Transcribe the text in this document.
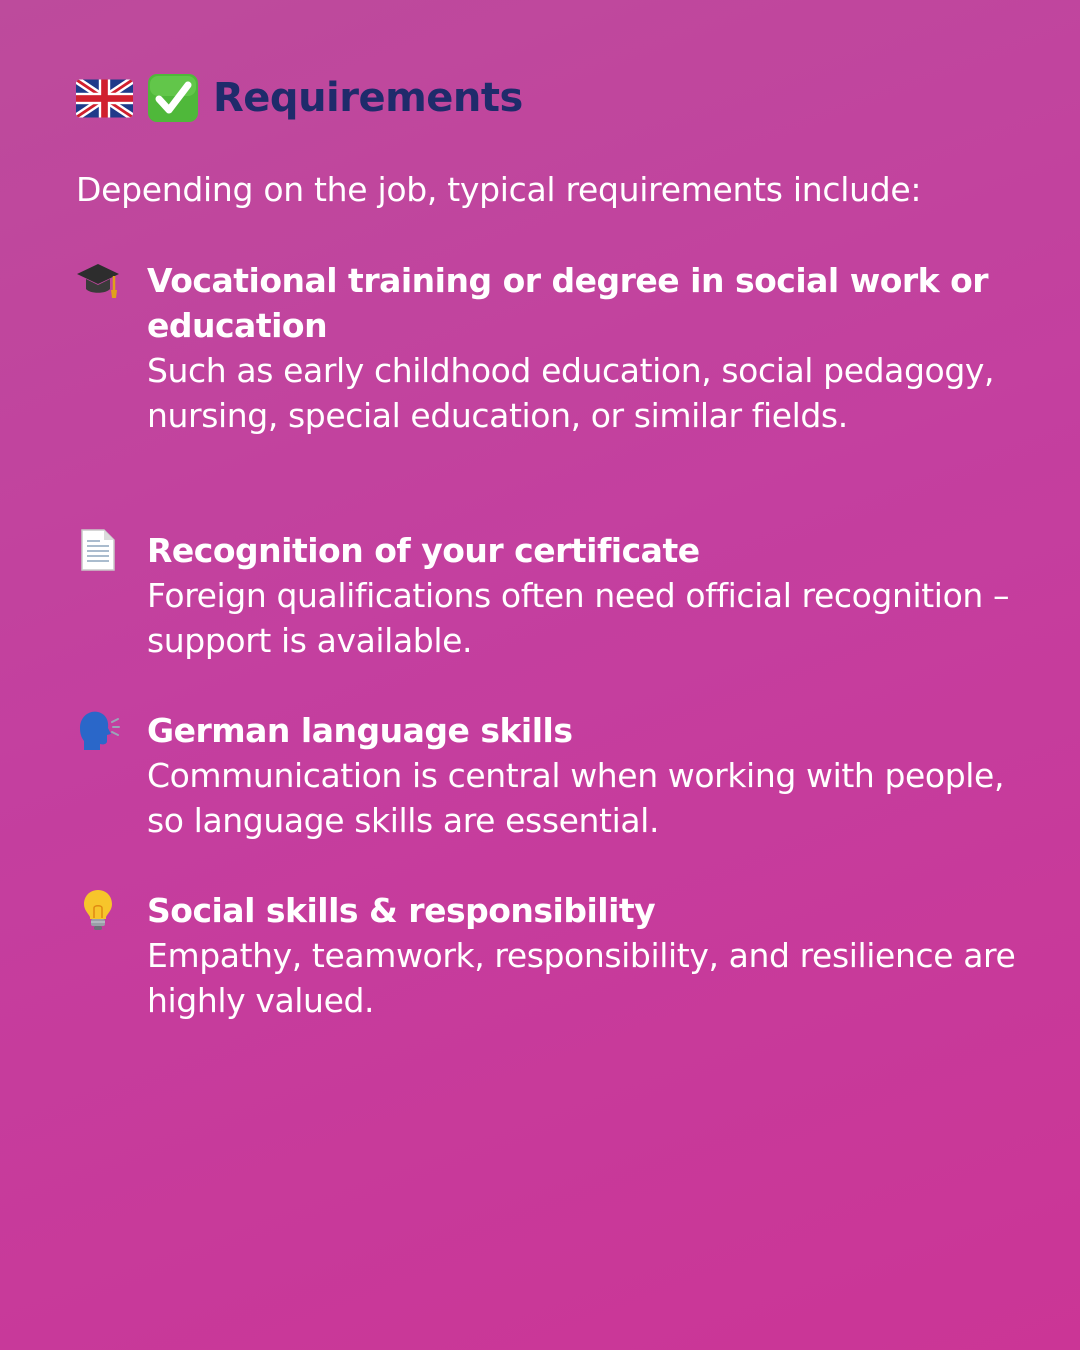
Requirements
Depending on the job, typical requirements include:
Vocational training or degree in social work or education
Such as early childhood education, social pedagogy, nursing, special education, or similar fields.
Recognition of your certificate
Foreign qualifications often need official recognition – support is available.
German language skills
Communication is central when working with people, so language skills are essential.
Social skills & responsibility
Empathy, teamwork, responsibility, and resilience are highly valued.
